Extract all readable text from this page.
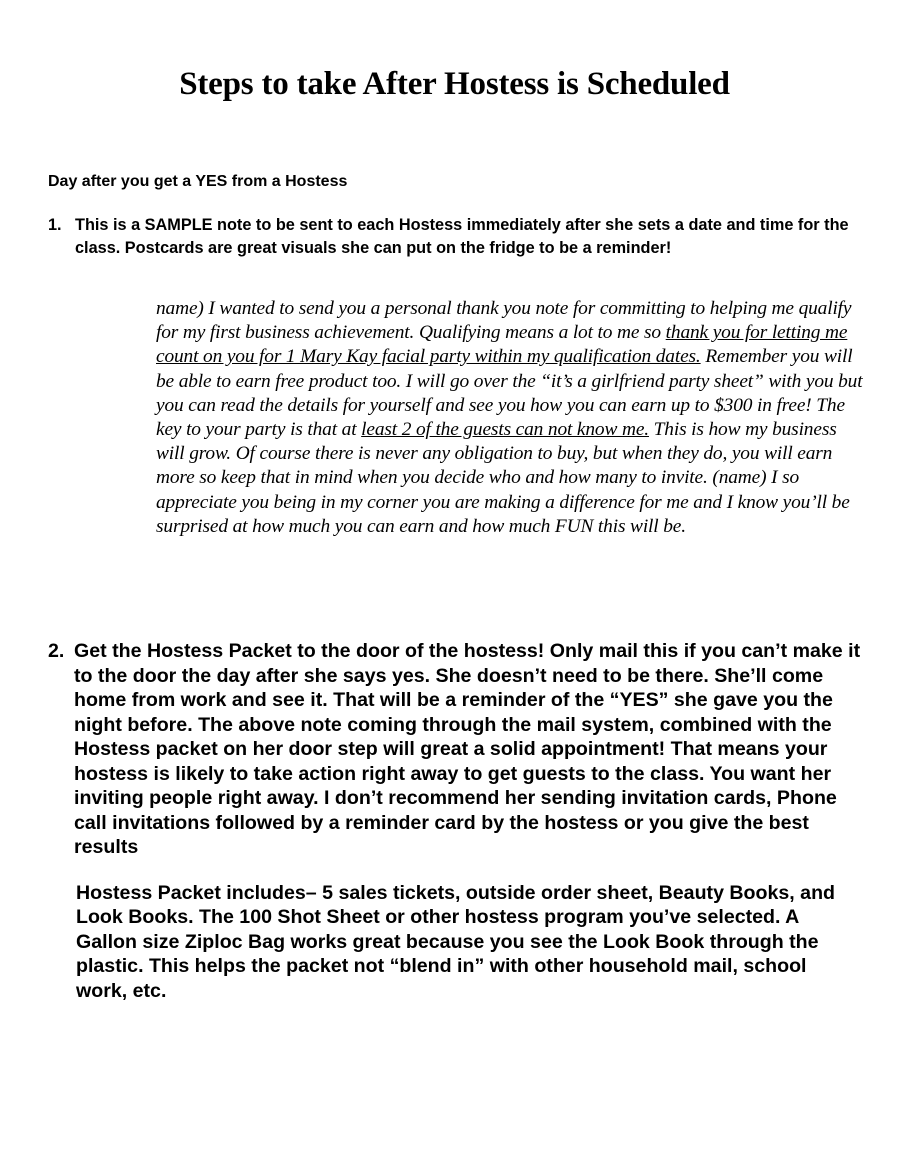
Steps to take After Hostess is Scheduled

Day after you get a YES from a Hostess

1. This is a SAMPLE note to be sent to each Hostess immediately after she sets a date and time for the class. Postcards are great visuals she can put on the fridge to be a reminder!

name) I wanted to send you a personal thank you note for committing to helping me qualify for my first business achievement. Qualifying means a lot to me so thank you for letting me count on you for 1 Mary Kay facial party within my qualification dates. Remember you will be able to earn free product too. I will go over the “it’s a girlfriend party sheet” with you but you can read the details for yourself and see you how you can earn up to $300 in free! The key to your party is that at least 2 of the guests can not know me. This is how my business will grow. Of course there is never any obligation to buy, but when they do, you will earn more so keep that in mind when you decide who and how many to invite. (name) I so appreciate you being in my corner you are making a difference for me and I know you’ll be surprised at how much you can earn and how much FUN this will be.

2. Get the Hostess Packet to the door of the hostess! Only mail this if you can’t make it to the door the day after she says yes. She doesn’t need to be there. She’ll come home from work and see it. That will be a reminder of the “YES” she gave you the night before. The above note coming through the mail system, combined with the Hostess packet on her door step will great a solid appointment! That means your hostess is likely to take action right away to get guests to the class. You want her inviting people right away. I don’t recommend her sending invitation cards, Phone call invitations followed by a reminder card by the hostess or you give the best results

Hostess Packet includes– 5 sales tickets, outside order sheet, Beauty Books, and Look Books. The 100 Shot Sheet or other hostess program you’ve selected. A Gallon size Ziploc Bag works great because you see the Look Book through the plastic. This helps the packet not “blend in” with other household mail, school work, etc.
